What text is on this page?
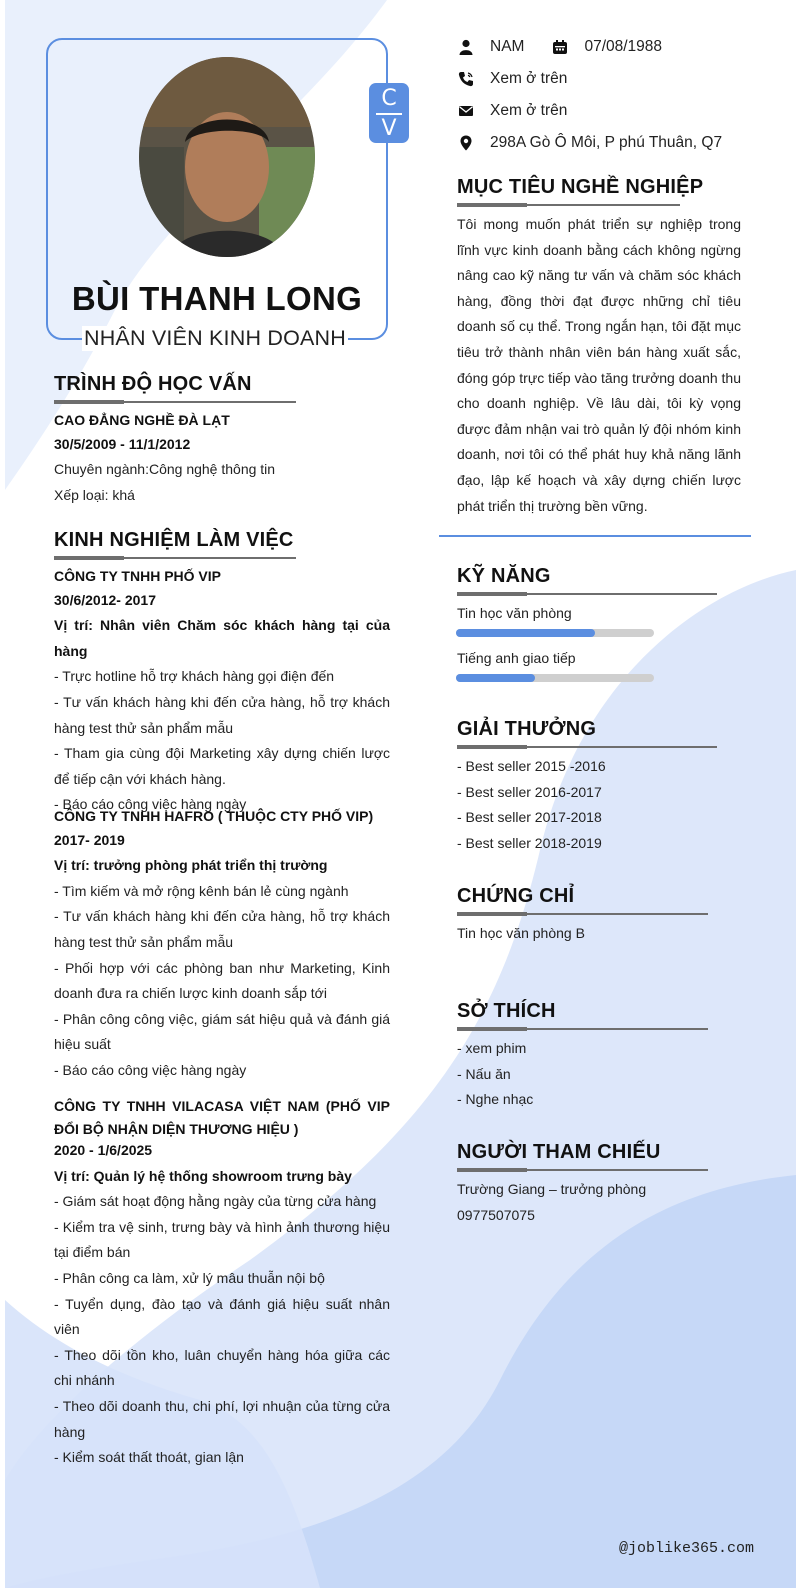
C
V
BÙI THANH LONG
NHÂN VIÊN KINH DOANH
NAM	07/08/1988
Xem ở trên
Xem ở trên
298A Gò Ô Môi, P phú Thuân, Q7
TRÌNH ĐỘ HỌC VẤN
CAO ĐẲNG NGHỀ ĐÀ LẠT
30/5/2009 - 11/1/2012
Chuyên ngành:Công nghệ thông tin
Xếp loại: khá
KINH NGHIỆM LÀM VIỆC
CÔNG TY TNHH PHỐ VIP
30/6/2012- 2017
Vị trí: Nhân viên Chăm sóc khách hàng tại của hàng
- Trực hotline hỗ trợ khách hàng gọi điện đến
- Tư vấn khách hàng khi đến cửa hàng, hỗ trợ khách hàng test thử sản phẩm mẫu
- Tham gia cùng đội Marketing xây dựng chiến lược để tiếp cận với khách hàng.
- Báo cáo công việc hàng ngày
CÔNG TY TNHH HAFRO ( THUỘC CTY PHỐ VIP)
2017- 2019
Vị trí: trưởng phòng phát triển thị trường
- Tìm kiếm và mở rộng kênh bán lẻ cùng ngành
- Tư vấn khách hàng khi đến cửa hàng, hỗ trợ khách hàng test thử sản phẩm mẫu
- Phối hợp với các phòng ban như Marketing, Kinh doanh đưa ra chiến lược kinh doanh sắp tới
- Phân công công việc, giám sát hiệu quả và đánh giá hiệu suất
- Báo cáo công việc hàng ngày
CÔNG TY TNHH VILACASA VIỆT NAM (PHỐ VIP ĐỔI BỘ NHẬN DIỆN THƯƠNG HIỆU )
2020 - 1/6/2025
Vị trí: Quản lý hệ thống showroom trưng bày
- Giám sát hoạt động hằng ngày của từng cửa hàng
- Kiểm tra vệ sinh, trưng bày và hình ảnh thương hiệu tại điểm bán
- Phân công ca làm, xử lý mâu thuẫn nội bộ
- Tuyển dụng, đào tạo và đánh giá hiệu suất nhân viên
- Theo dõi tồn kho, luân chuyển hàng hóa giữa các chi nhánh
- Theo dõi doanh thu, chi phí, lợi nhuận của từng cửa hàng
- Kiểm soát thất thoát, gian lận
MỤC TIÊU NGHỀ NGHIỆP
Tôi mong muốn phát triển sự nghiệp trong lĩnh vực kinh doanh bằng cách không ngừng nâng cao kỹ năng tư vấn và chăm sóc khách hàng, đồng thời đạt được những chỉ tiêu doanh số cụ thể. Trong ngắn hạn, tôi đặt mục tiêu trở thành nhân viên bán hàng xuất sắc, đóng góp trực tiếp vào tăng trưởng doanh thu cho doanh nghiệp. Về lâu dài, tôi kỳ vọng được đảm nhận vai trò quản lý đội nhóm kinh doanh, nơi tôi có thể phát huy khả năng lãnh đạo, lập kế hoạch và xây dựng chiến lược phát triển thị trường bền vững.
KỸ NĂNG
Tin học văn phòng
Tiếng anh giao tiếp
GIẢI THƯỞNG
- Best seller 2015 -2016
- Best seller 2016-2017
- Best seller 2017-2018
- Best seller 2018-2019
CHỨNG CHỈ
Tin học văn phòng B
SỞ THÍCH
- xem phim
- Nấu ăn
- Nghe nhạc
NGƯỜI THAM CHIẾU
Trường Giang – trưởng phòng
0977507075
@joblike365.com
